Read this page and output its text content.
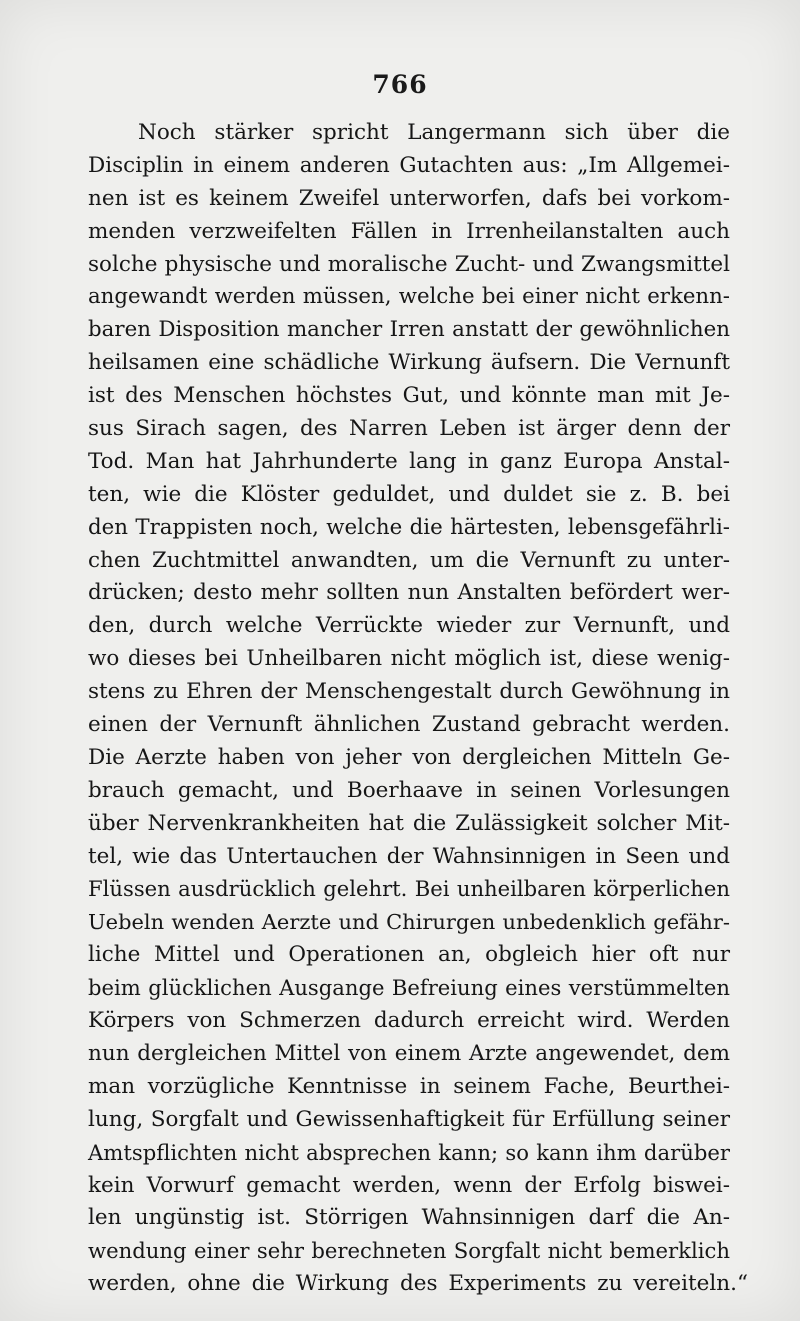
766
Noch stärker spricht Langermann sich über die
Disciplin in einem anderen Gutachten aus: „Im Allgemei-
nen ist es keinem Zweifel unterworfen, dafs bei vorkom-
menden verzweifelten Fällen in Irrenheilanstalten auch
solche physische und moralische Zucht- und Zwangsmittel
angewandt werden müssen, welche bei einer nicht erkenn-
baren Disposition mancher Irren anstatt der gewöhnlichen
heilsamen eine schädliche Wirkung äufsern. Die Vernunft
ist des Menschen höchstes Gut, und könnte man mit Je-
sus Sirach sagen, des Narren Leben ist ärger denn der
Tod. Man hat Jahrhunderte lang in ganz Europa Anstal-
ten, wie die Klöster geduldet, und duldet sie z. B. bei
den Trappisten noch, welche die härtesten, lebensgefährli-
chen Zuchtmittel anwandten, um die Vernunft zu unter-
drücken; desto mehr sollten nun Anstalten befördert wer-
den, durch welche Verrückte wieder zur Vernunft, und
wo dieses bei Unheilbaren nicht möglich ist, diese wenig-
stens zu Ehren der Menschengestalt durch Gewöhnung in
einen der Vernunft ähnlichen Zustand gebracht werden.
Die Aerzte haben von jeher von dergleichen Mitteln Ge-
brauch gemacht, und Boerhaave in seinen Vorlesungen
über Nervenkrankheiten hat die Zulässigkeit solcher Mit-
tel, wie das Untertauchen der Wahnsinnigen in Seen und
Flüssen ausdrücklich gelehrt. Bei unheilbaren körperlichen
Uebeln wenden Aerzte und Chirurgen unbedenklich gefähr-
liche Mittel und Operationen an, obgleich hier oft nur
beim glücklichen Ausgange Befreiung eines verstümmelten
Körpers von Schmerzen dadurch erreicht wird. Werden
nun dergleichen Mittel von einem Arzte angewendet, dem
man vorzügliche Kenntnisse in seinem Fache, Beurthei-
lung, Sorgfalt und Gewissenhaftigkeit für Erfüllung seiner
Amtspflichten nicht absprechen kann; so kann ihm darüber
kein Vorwurf gemacht werden, wenn der Erfolg biswei-
len ungünstig ist. Störrigen Wahnsinnigen darf die An-
wendung einer sehr berechneten Sorgfalt nicht bemerklich
werden, ohne die Wirkung des Experiments zu vereiteln.“
